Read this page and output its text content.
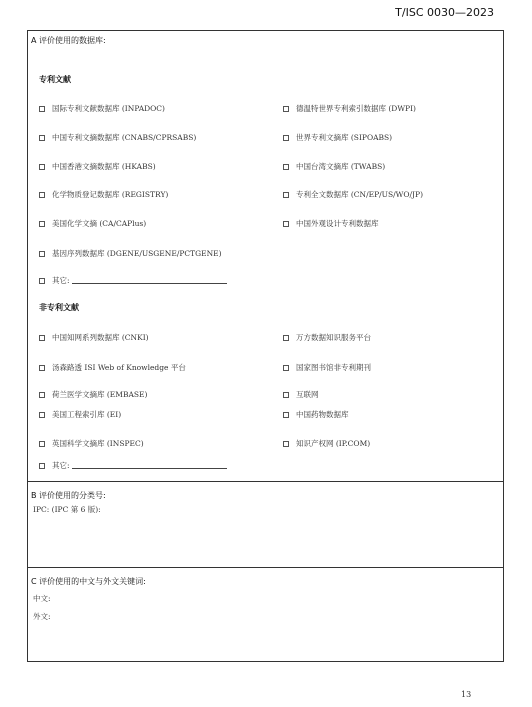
T/ISC 0030—2023
A 评价使用的数据库:
专利文献
国际专利文献数据库 (INPADOC)
中国专利文摘数据库 (CNABS/CPRSABS)
中国香港文摘数据库 (HKABS)
化学物质登记数据库 (REGISTRY)
美国化学文摘 (CA/CAPlus)
基因序列数据库 (DGENE/USGENE/PCTGENE)
其它:
德温特世界专利索引数据库 (DWPI)
世界专利文摘库 (SIPOABS)
中国台湾文摘库 (TWABS)
专利全文数据库 (CN/EP/US/WO/JP)
中国外观设计专利数据库
非专利文献
中国知网系列数据库 (CNKI)
汤森路透 ISI Web of Knowledge 平台
荷兰医学文摘库 (EMBASE)
美国工程索引库 (EI)
英国科学文摘库 (INSPEC)
其它:
万方数据知识服务平台
国家图书馆非专利期刊
互联网
中国药物数据库
知识产权网 (IP.COM)
B 评价使用的分类号:
IPC: (IPC 第 6 版):
C 评价使用的中文与外文关键词:
中文:
外文:
13
